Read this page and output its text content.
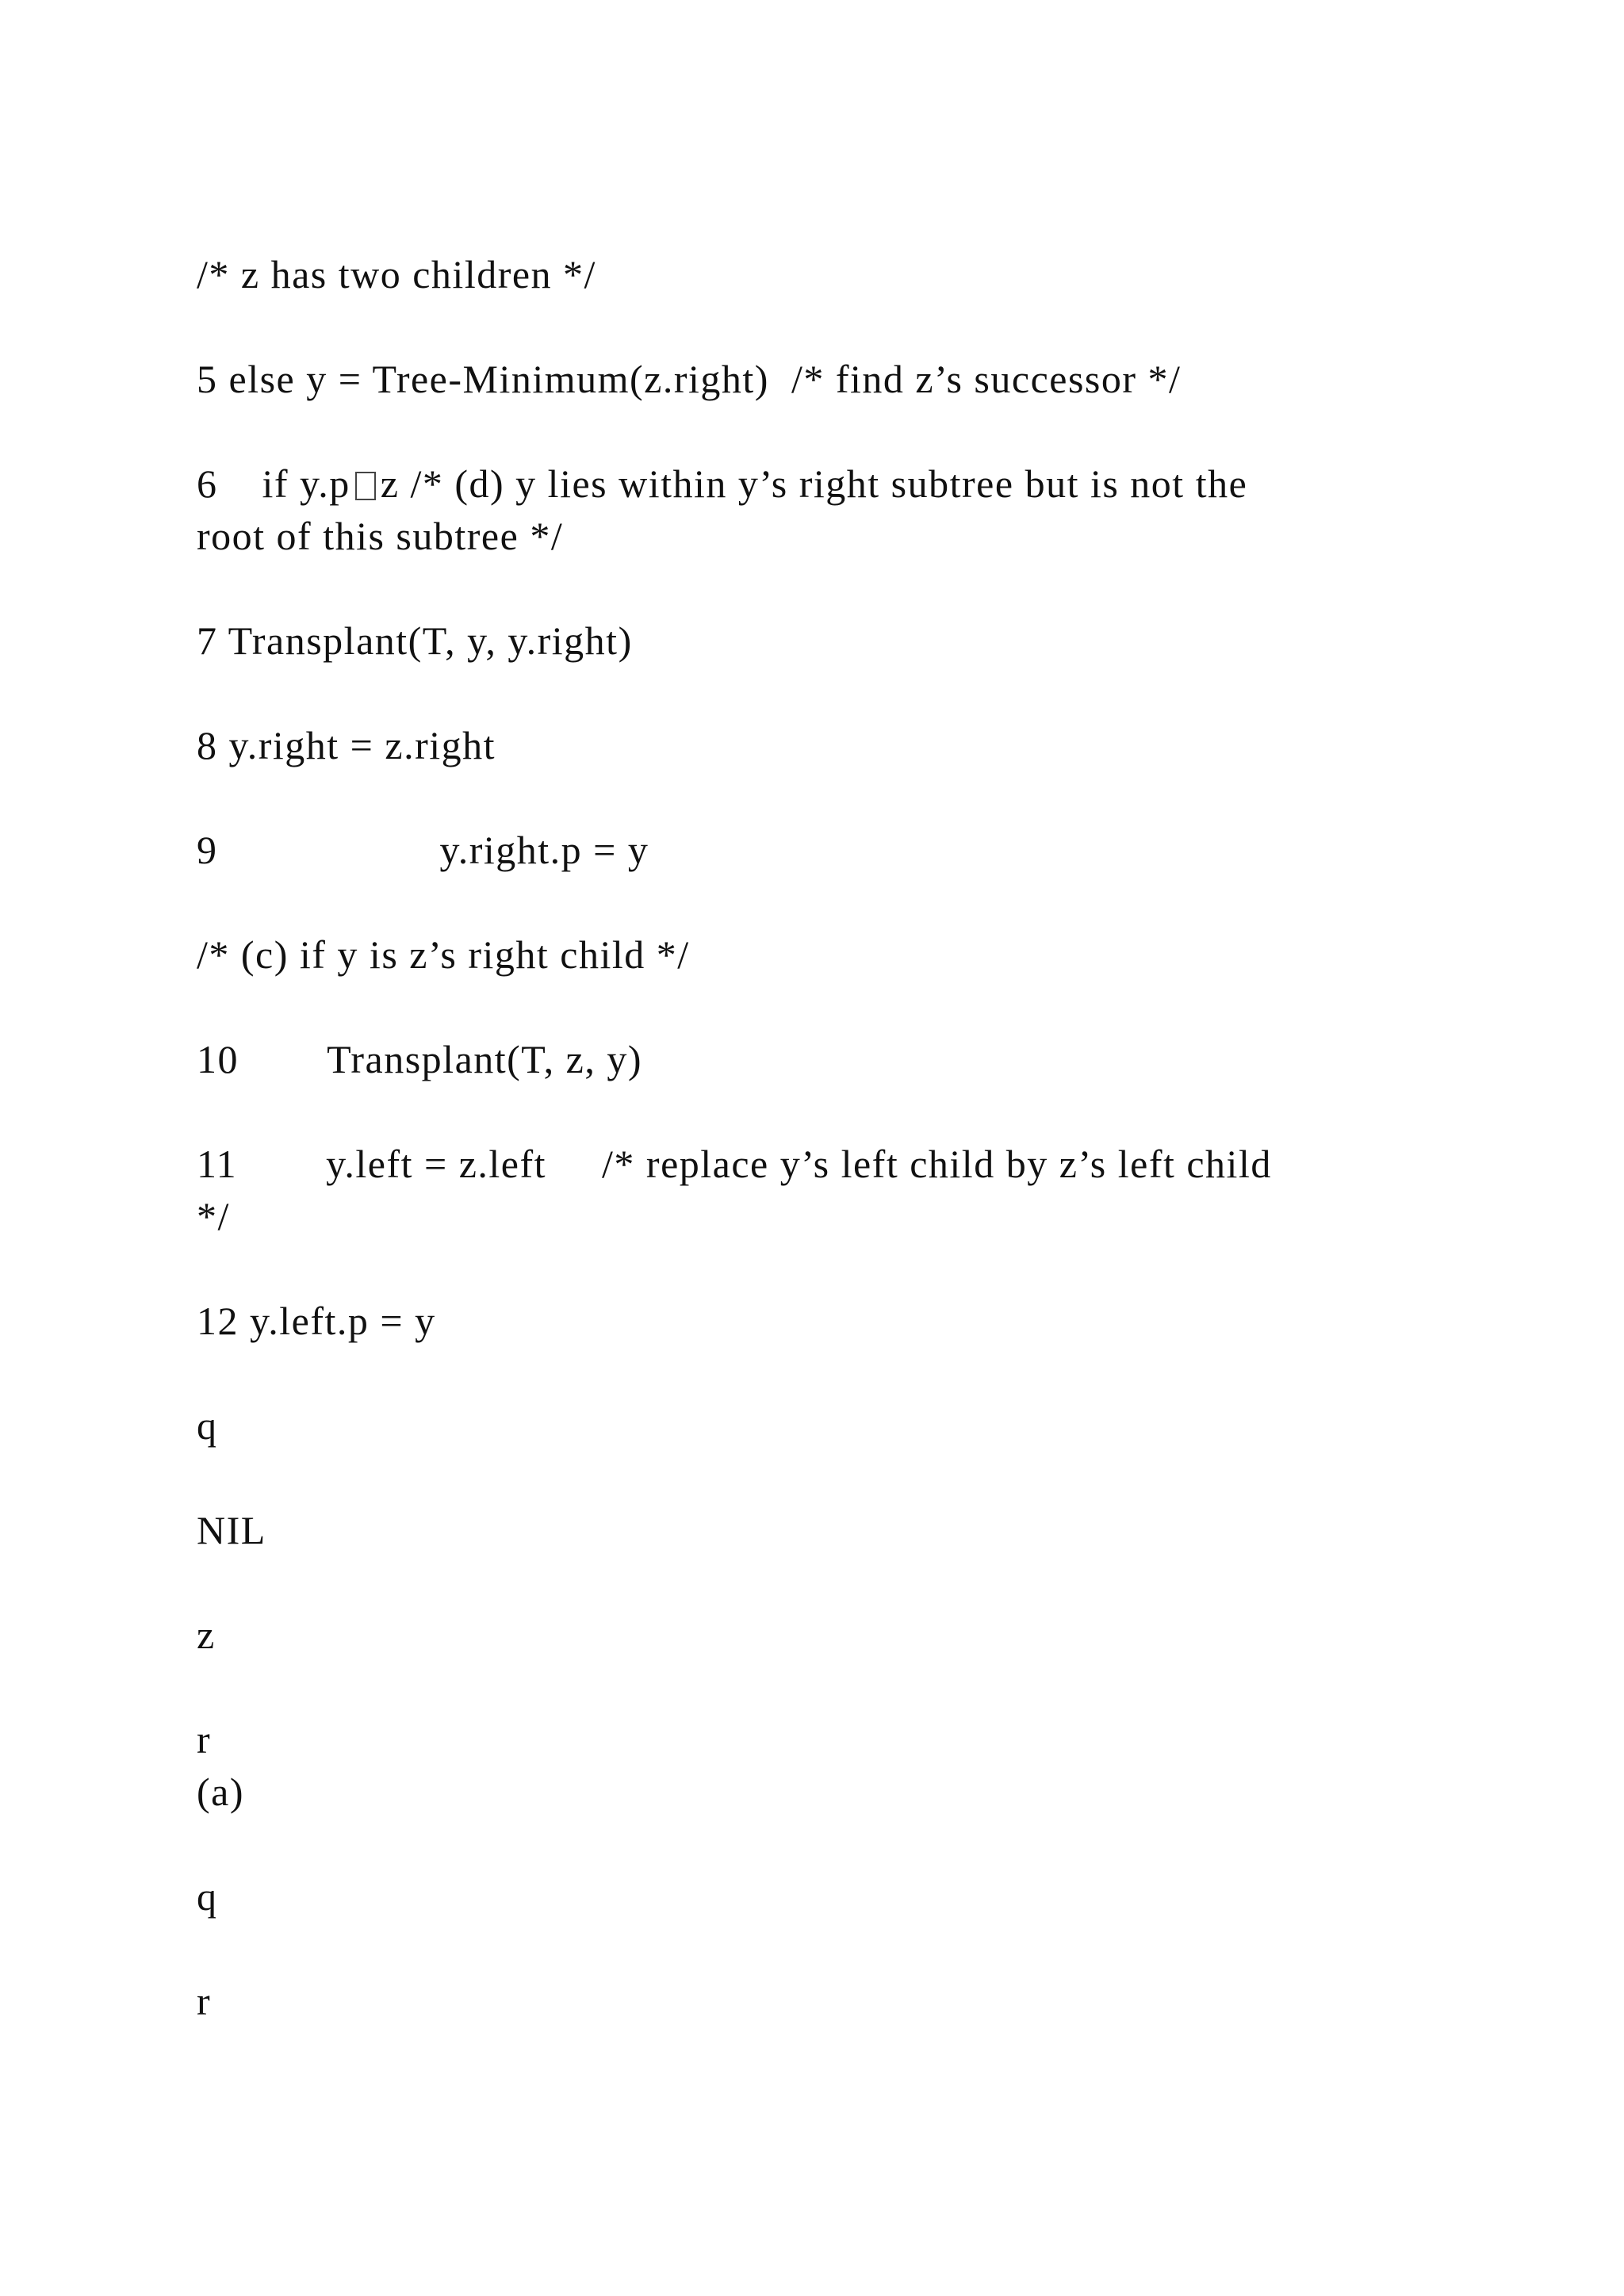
/* z has two children */

5 else y = Tree-Minimum(z.right)  /* find z’s successor */

6    if y.p z /* (d) y lies within y’s right subtree but is not the

root of this subtree */

7 Transplant(T, y, y.right)

8 y.right = z.right

9                    y.right.p = y

/* (c) if y is z’s right child */

10        Transplant(T, z, y)

11        y.left = z.left     /* replace y’s left child by z’s left child

*/

12 y.left.p = y

q

NIL

z

r

(a)

q

r
